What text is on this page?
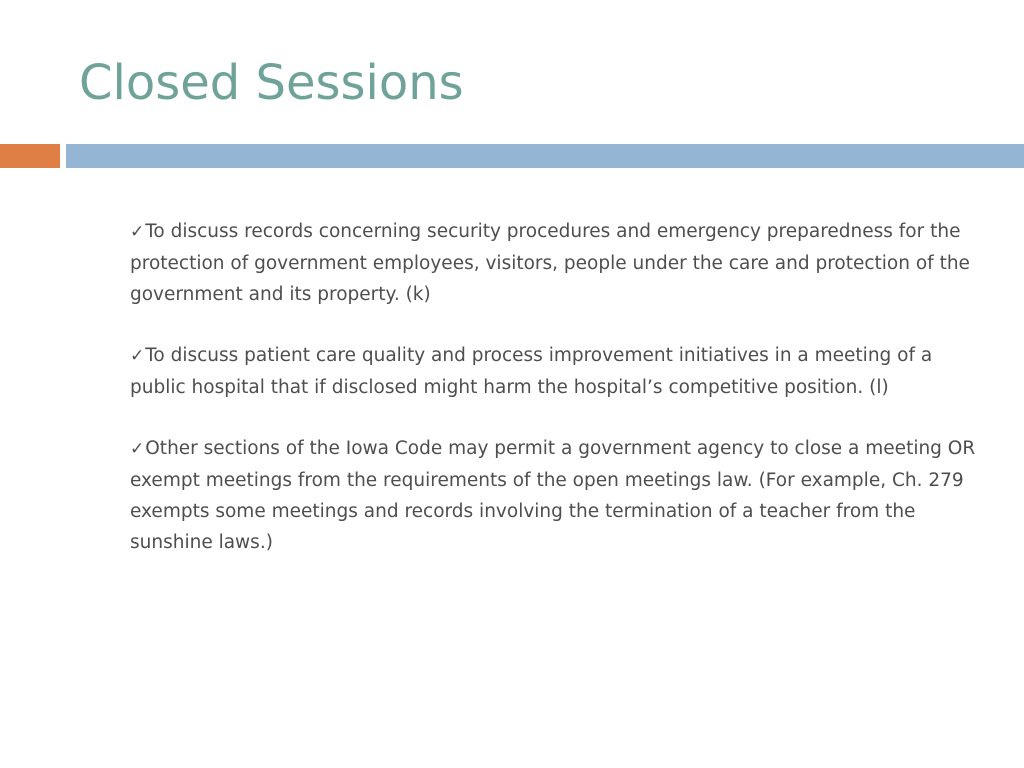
Closed Sessions
✓To discuss records concerning security procedures and emergency preparedness for the protection of government employees, visitors, people under the care and protection of the government and its property. (k)
✓To discuss patient care quality and process improvement initiatives in a meeting of a public hospital that if disclosed might harm the hospital’s competitive position. (l)
✓Other sections of the Iowa Code may permit a government agency to close a meeting OR exempt meetings from the requirements of the open meetings law. (For example, Ch. 279 exempts some meetings and records involving the termination of a teacher from the sunshine laws.)
